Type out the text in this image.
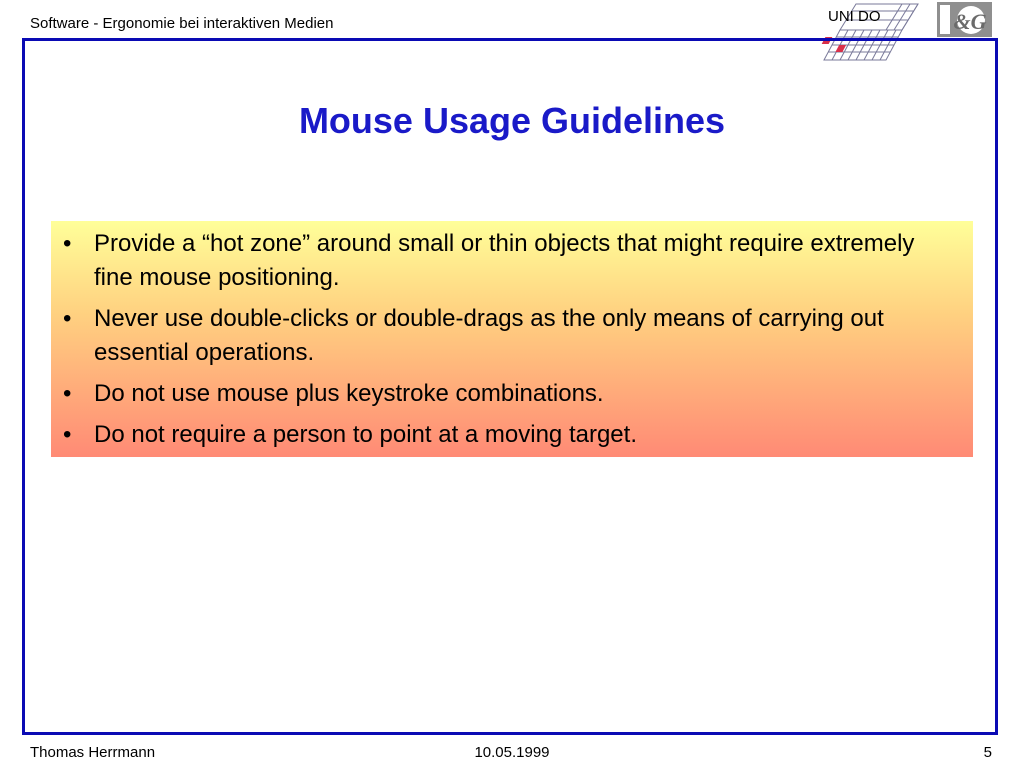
Software - Ergonomie bei interaktiven Medien	UNI DO	&G
Mouse Usage Guidelines
• Provide a “hot zone” around small or thin objects that might require extremely fine mouse positioning.
• Never use double-clicks or double-drags as the only means of carrying out essential operations.
• Do not use mouse plus keystroke combinations.
• Do not require a person to point at a moving target.
Thomas Herrmann	10.05.1999	5
